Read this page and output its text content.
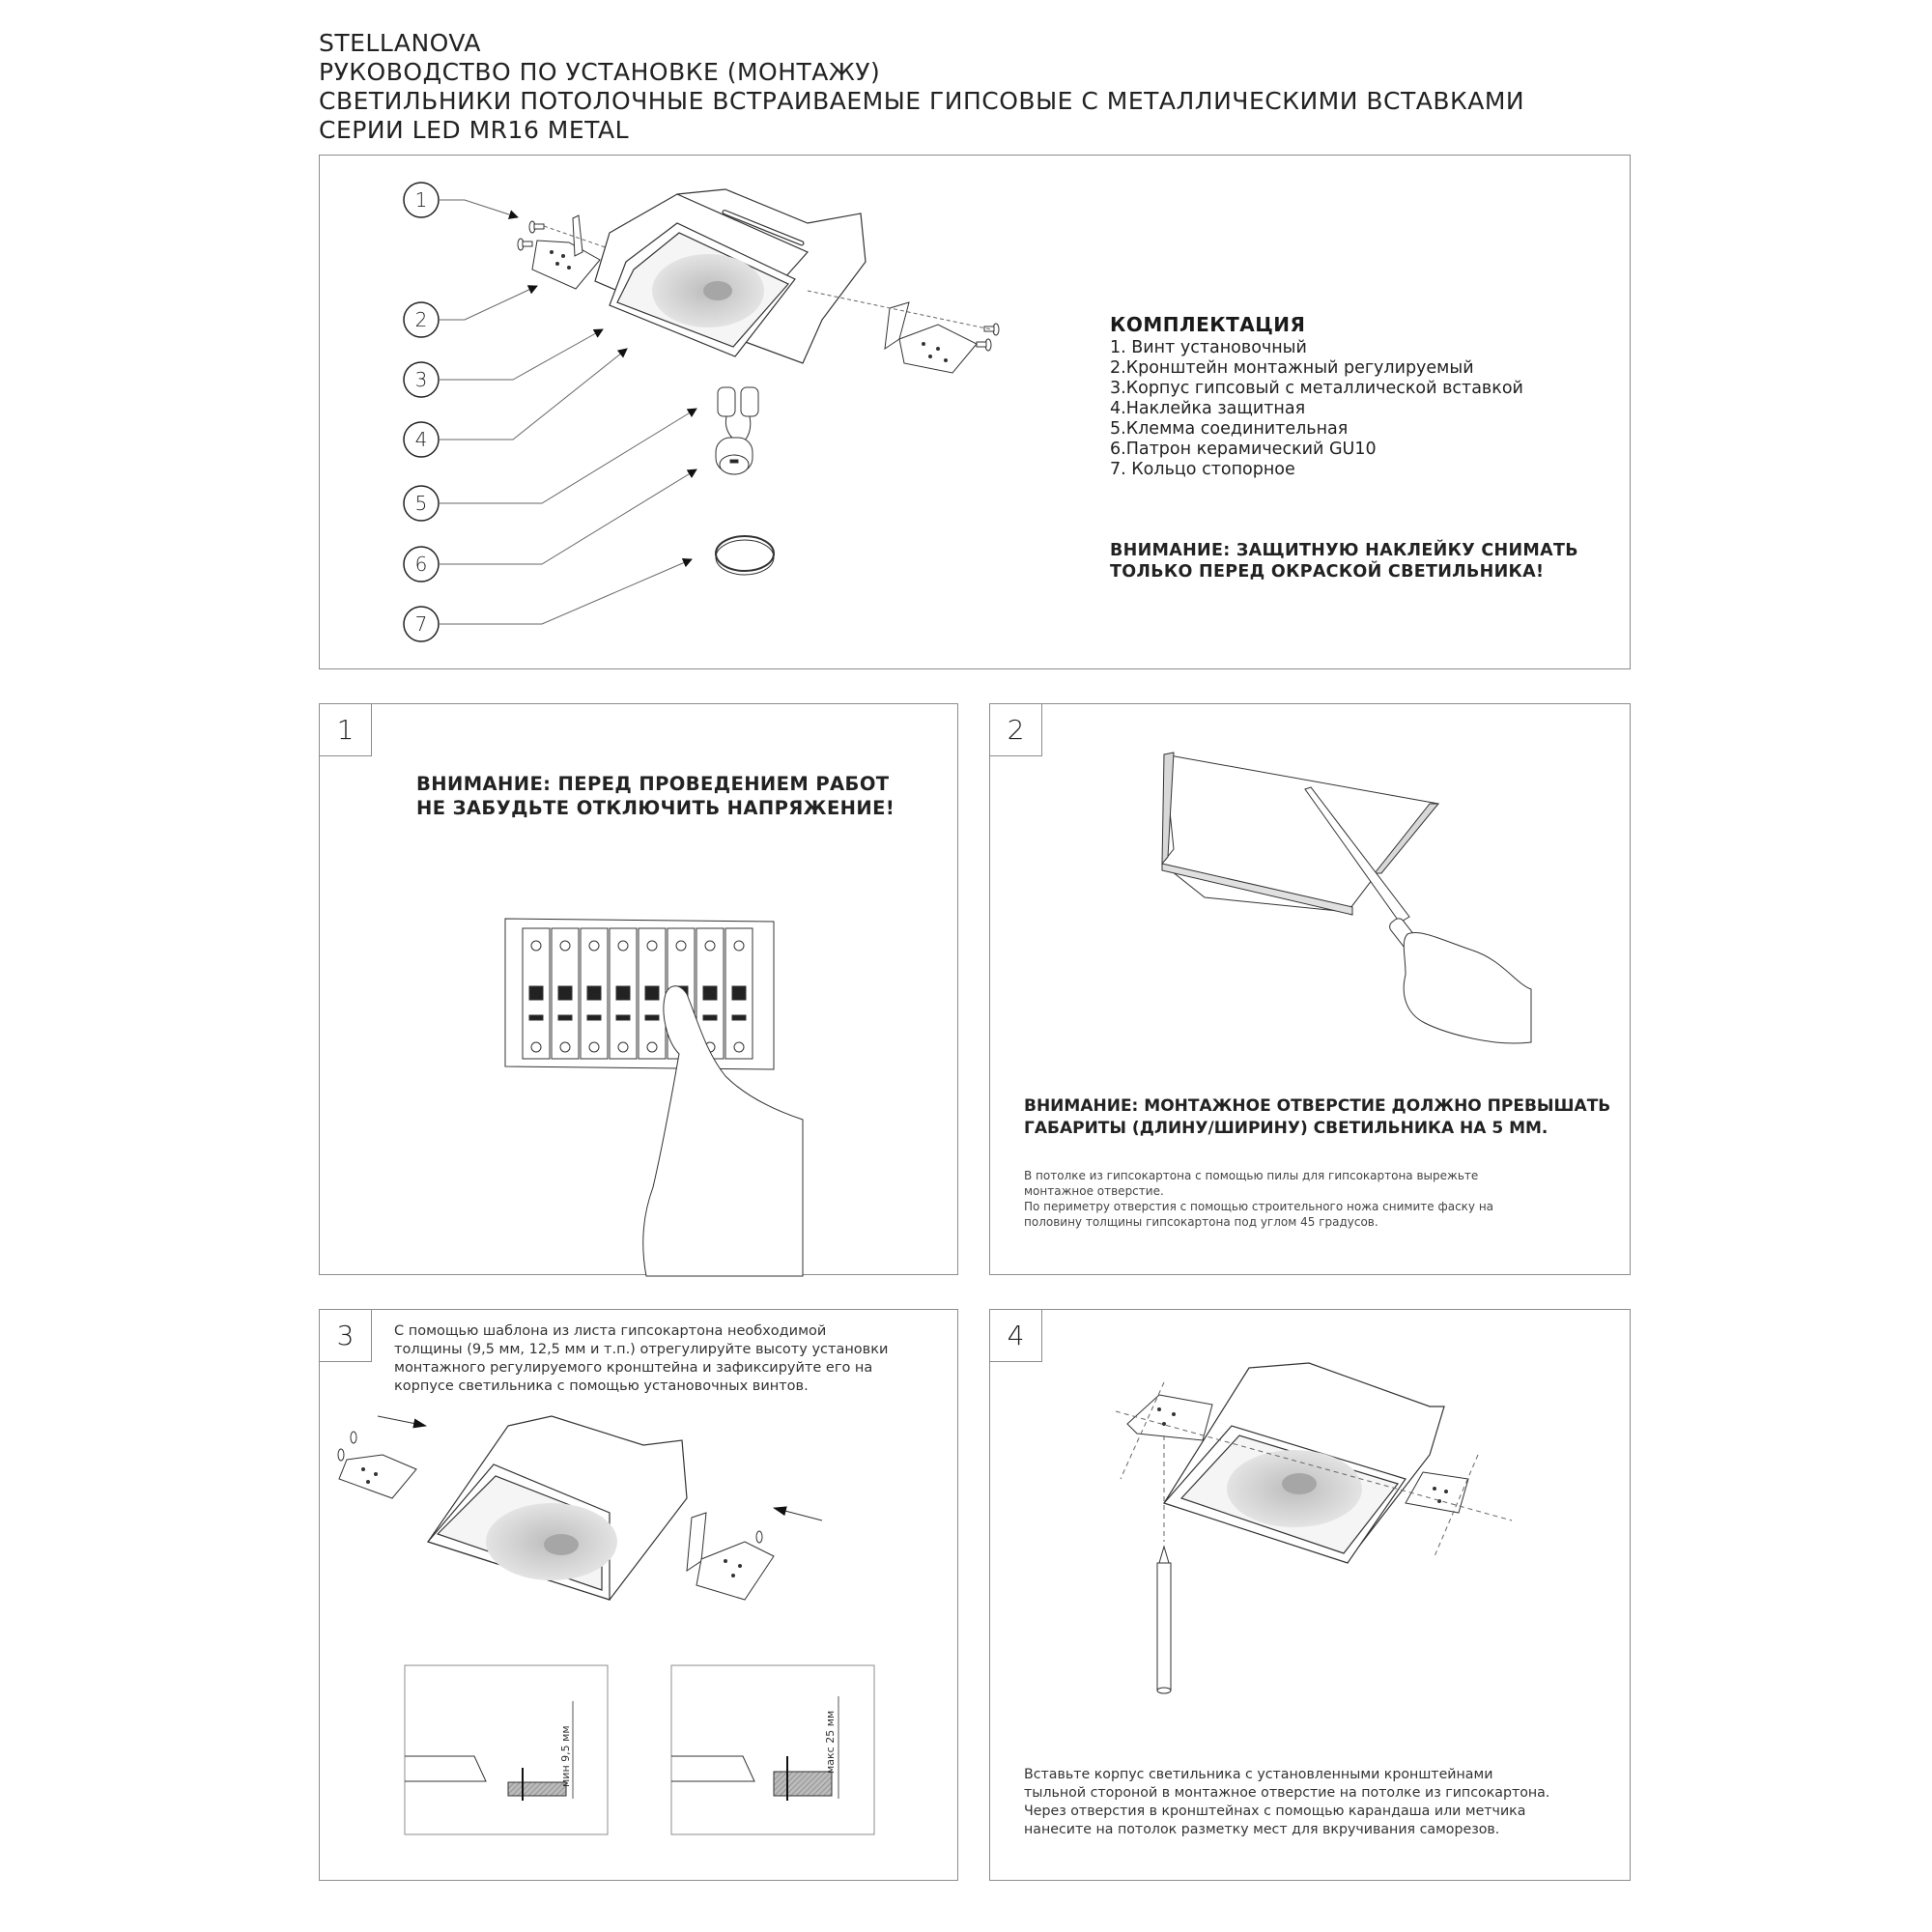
STELLANOVA
РУКОВОДСТВО ПО УСТАНОВКЕ (МОНТАЖУ)
СВЕТИЛЬНИКИ ПОТОЛОЧНЫЕ ВСТРАИВАЕМЫЕ ГИПСОВЫЕ С МЕТАЛЛИЧЕСКИМИ ВСТАВКАМИ
СЕРИИ LED MR16 METAL
1
2
3
4
5
6
7
КОМПЛЕКТАЦИЯ
1. Винт установочный
2.Кронштейн монтажный регулируемый
3.Корпус гипсовый с металлической вставкой
4.Наклейка защитная
5.Клемма соединительная
6.Патрон керамический GU10
7. Кольцо стопорное
ВНИМАНИЕ: ЗАЩИТНУЮ НАКЛЕЙКУ СНИМАТЬ
ТОЛЬКО ПЕРЕД ОКРАСКОЙ СВЕТИЛЬНИКА!
1
ВНИМАНИЕ: ПЕРЕД ПРОВЕДЕНИЕМ РАБОТ
НЕ ЗАБУДЬТЕ ОТКЛЮЧИТЬ НАПРЯЖЕНИЕ!
2
ВНИМАНИЕ: МОНТАЖНОЕ ОТВЕРСТИЕ ДОЛЖНО ПРЕВЫШАТЬ
ГАБАРИТЫ (ДЛИНУ/ШИРИНУ) СВЕТИЛЬНИКА НА 5 ММ.
В потолке из гипсокартона с помощью пилы для гипсокартона вырежьте
монтажное отверстие.
По периметру отверстия с помощью строительного ножа снимите фаску на
половину толщины гипсокартона под углом 45 градусов.
3	С помощью шаблона из листа гипсокартона необходимой
толщины (9,5 мм, 12,5 мм и т.п.) отрегулируйте высоту установки
монтажного регулируемого кронштейна и зафиксируйте его на
корпусе светильника с помощью установочных винтов.
мин 9,5 мм	макс 25 мм
4
Вставьте корпус светильника с установленными кронштейнами
тыльной стороной в монтажное отверстие на потолке из гипсокартона.
Через отверстия в кронштейнах с помощью карандаша или метчика
нанесите на потолок разметку мест для вкручивания саморезов.
